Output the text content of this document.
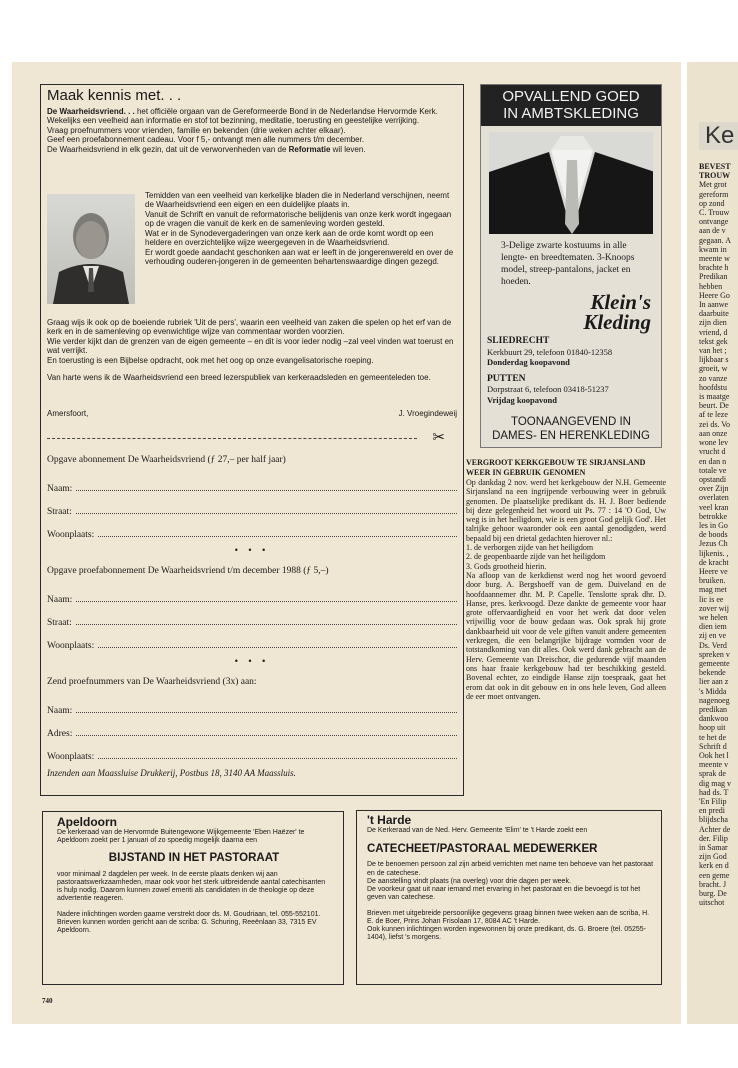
Maak kennis met. . .
De Waarheidsvriend. . . het officiële orgaan van de Gereformeerde Bond in de Nederlandse Hervormde Kerk.
Wekelijks een veelheid aan informatie en stof tot bezinning, meditatie, toerusting en geestelijke verrijking.
Vraag proefnummers voor vrienden, familie en bekenden (drie weken achter elkaar).
Geef een proefabonnement cadeau. Voor f 5,- ontvangt men alle nummers t/m december.
De Waarheidsvriend in elk gezin, dat uit de verworvenheden van de Reformatie wil leven.
Temidden van een veelheid van kerkelijke bladen die in Nederland verschijnen, neemt de Waarheidsvriend een eigen en een duidelijke plaats in.
Vanuit de Schrift en vanuit de reformatorische belijdenis van onze kerk wordt ingegaan op de vragen die vanuit de kerk en de samenleving worden gesteld.
Wat er in de Synodevergaderingen van onze kerk aan de orde komt wordt op een heldere en overzichtelijke wijze weergegeven in de Waarheidsvriend.
Er wordt goede aandacht geschonken aan wat er leeft in de jongerenwereld en over de verhouding ouderen-jongeren in de gemeenten behartenswaardige dingen gezegd.
Graag wijs ik ook op de boeiende rubriek 'Uit de pers', waarin een veelheid van zaken die spelen op het erf van de kerk en in de samenleving op evenwichtige wijze van commentaar worden voorzien.
Wie verder kijkt dan de grenzen van de eigen gemeente – en dit is voor ieder nodig –zal veel vinden wat toerust en wat verrijkt.
En toerusting is een Bijbelse opdracht, ook met het oog op onze evangelisatorische roeping.
Van harte wens ik de Waarheidsvriend een breed lezerspubliek van kerkeraadsleden en gemeenteleden toe.
Amersfoort,	J. Vroegindeweij
✂
Opgave abonnement De Waarheidsvriend (ƒ 27,– per half jaar)
Naam:
Straat:
Woonplaats:
• • •
Opgave proefabonnement De Waarheidsvriend t/m december 1988 (ƒ 5,–)
Naam:
Straat:
Woonplaats:
• • •
Zend proefnummers van De Waarheidsvriend (3x) aan:
Naam:
Adres:
Woonplaats:
Inzenden aan Maassluise Drukkerij, Postbus 18, 3140 AA Maassluis.
OPVALLEND GOED
IN AMBTSKLEDING
3-Delige zwarte kostuums in alle lengte- en breedtematen. 3-Knoops model, streep-pantalons, jacket en hoeden.
Klein's
Kleding
SLIEDRECHT
Kerkbuurt 29, telefoon 01840-12358
Donderdag koopavond
PUTTEN
Dorpstraat 6, telefoon 03418-51237
Vrijdag koopavond
TOONAANGEVEND IN
DAMES- EN HERENKLEDING
VERGROOT KERKGEBOUW TE SIRJANSLAND WEER IN GEBRUIK GENOMEN
Op dankdag 2 nov. werd het kerkgebouw der N.H. Gemeente Sirjansland na een ingrijpende verbouwing weer in gebruik genomen. De plaatselijke predikant ds. H. J. Boer bediende bij deze gelegenheid het woord uit Ps. 77 : 14 'O God, Uw weg is in het heiligdom, wie is een groot God gelijk God'. Het talrijke gehoor waaronder ook een aantal genodigden, werd bepaald bij een drietal gedachten hierover nl.:
1. de verborgen zijde van het heiligdom
2. de geopenbaarde zijde van het heiligdom
3. Gods grootheid hierin.
Na afloop van de kerkdienst werd nog het woord gevoerd door burg. A. Bergshoeff van de gem. Duiveland en de hoofdaannemer dhr. M. P. Capelle. Tenslotte sprak dhr. D. Hanse, pres. kerkvoogd. Deze dankte de gemeente voor haar grote offervaardigheid en voor het werk dat door velen vrijwillig voor de bouw gedaan was. Ook sprak hij grote dankbaarheid uit voor de vele giften vanuit andere gemeenten verkregen, die een belangrijke bijdrage vormden voor de totstandkoming van dit alles. Ook werd dank gebracht aan de Herv. Gemeente van Dreischor, die gedurende vijf maanden ons haar fraaie kerkgebouw had ter beschikking gesteld. Bovenal echter, zo eindigde Hanse zijn toespraak, gaat het erom dat ook in dit gebouw en in ons hele leven, God alleen de eer moet ontvangen.
Apeldoorn
De kerkeraad van de Hervormde Buitengewone Wijkgemeente 'Eben Haëzer' te Apeldoorn zoekt per 1 januari of zo spoedig mogelijk daarna een
BIJSTAND IN HET PASTORAAT
voor minimaal 2 dagdelen per week. In de eerste plaats denken wij aan pastoraatswerkzaamheden, maar ook voor het sterk uitbreidende aantal catechisanten is hulp nodig. Daarom kunnen zowel emeriti als candidaten in de theologie op deze advertentie reageren.
Nadere inlichtingen worden gaarne verstrekt door ds. M. Goudriaan, tel. 055-552101.
Brieven kunnen worden gericht aan de scriba: G. Schuring, Reeënlaan 33, 7315 EV Apeldoorn.
't Harde
De Kerkeraad van de Ned. Herv. Gemeente 'Elim' te 't Harde zoekt een
CATECHEET/PASTORAAL MEDEWERKER
De te benoemen persoon zal zijn arbeid verrichten met name ten behoeve van het pastoraat en de catechese.
De aanstelling vindt plaats (na overleg) voor drie dagen per week.
De voorkeur gaat uit naar iemand met ervaring in het pastoraat en die bevoegd is tot het geven van catechese.
Brieven met uitgebreide persoonlijke gegevens graag binnen twee weken aan de scriba, H. E. de Boer, Prins Johan Frisolaan 17, 8084 AC 't Harde.
Ook kunnen inlichtingen worden ingewonnen bij onze predikant, ds. G. Broere (tel. 05255-1404), liefst 's morgens.
740
Ke
BEVEST
TROUW
Met grot
gereform
op zond
C. Trouw
ontvange
aan de v
gegaan. A
kwam in
meente w
brachte h
Predikan
hebben
Heere Go
In aanwe
daarbuite
zijn dien
vriend, d
tekst gek
van het ;
lijkbaar s
groeit, w
zo vanze
hoofdstu
is maatge
beurt. De
af te leze
zei ds. Vo
aan onze
wone lev
vrucht d
en dan n
totale ve
opstandi
over Zijn
overlaten
veel kran
betrokke
les in Go
de boods
Jezus Ch
lijkenis. ,
de kracht
Heere ve
bruiken.
mag met
lic is ee
zover wij
we helen
dien iem
zij en ve
Ds. Verd
spreken v
gemeente
bekende
lier aan z
's Midda
nagenoeg
predikan
dankwoo
hoop uit
te het de
Schrift d
Ook het l
meente v
sprak de
dig mag v
had ds. T
'En Filip
en predi
blijdscha
Achter de
der. Filip
in Samar
zijn God
kerk en d
een geme
bracht. J
burg. De
uitschot
